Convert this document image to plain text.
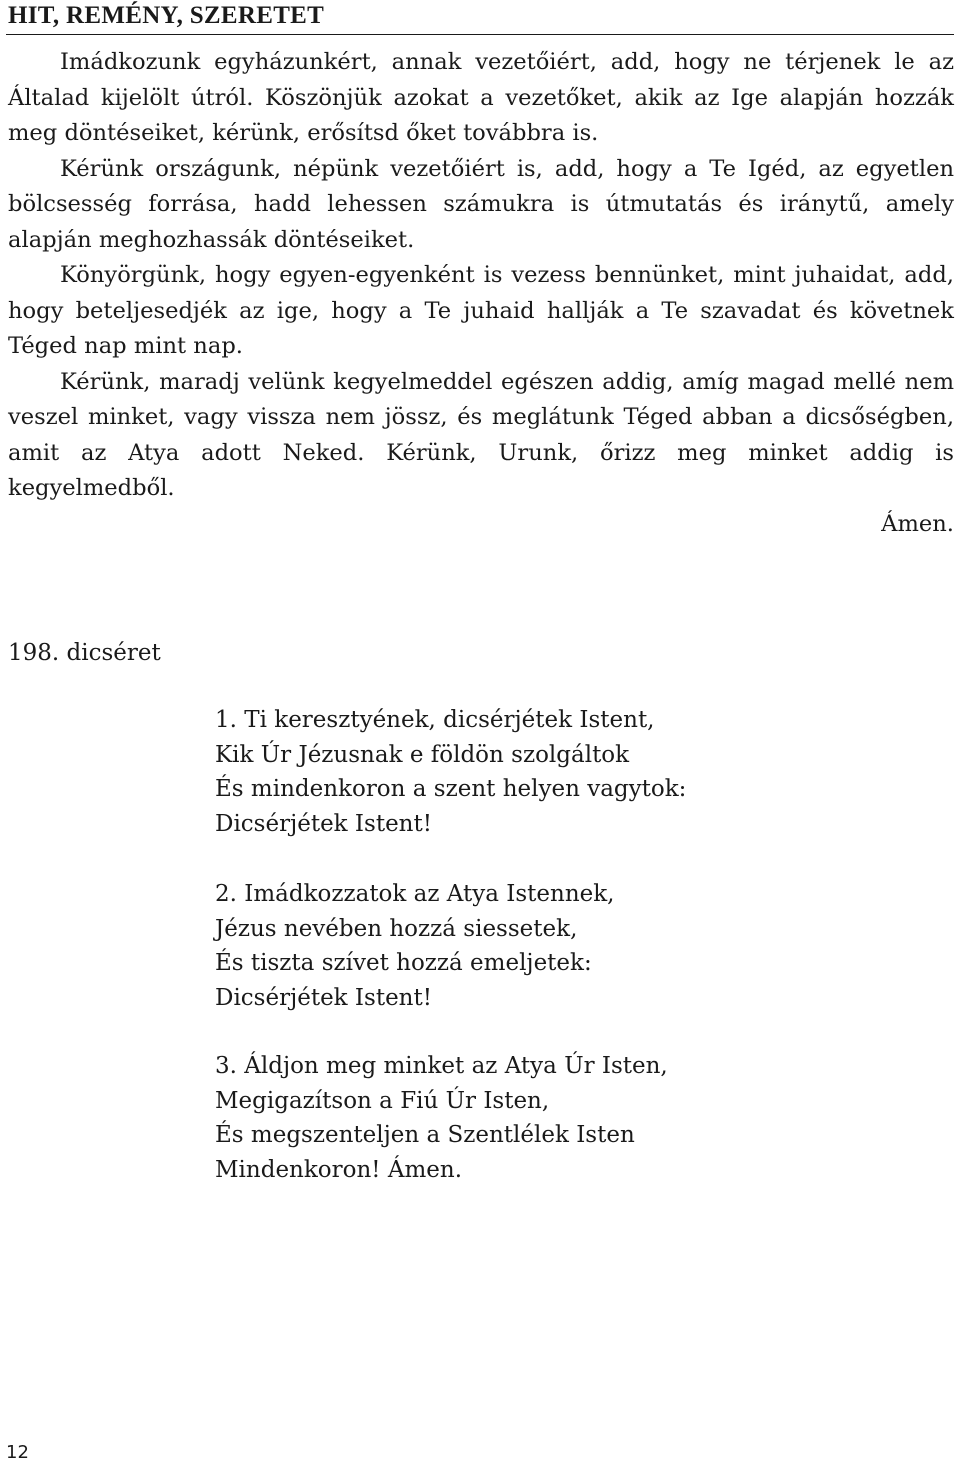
HIT, REMÉNY, SZERETET

Imádkozunk egyházunkért, annak vezetőiért, add, hogy ne térjenek le az Általad kijelölt útról. Köszönjük azokat a vezetőket, akik az Ige alapján hozzák meg döntéseiket, kérünk, erősítsd őket továbbra is.

Kérünk országunk, népünk vezetőiért is, add, hogy a Te Igéd, az egyetlen bölcsesség forrása, hadd lehessen számukra is útmutatás és iránytű, amely alapján meghozhassák döntéseiket.

Könyörgünk, hogy egyen-egyenként is vezess bennünket, mint juhaidat, add, hogy beteljesedjék az ige, hogy a Te juhaid hallják a Te szavadat és követnek Téged nap mint nap.

Kérünk, maradj velünk kegyelmeddel egészen addig, amíg magad mellé nem veszel minket, vagy vissza nem jössz, és meglátunk Téged abban a dicsőségben, amit az Atya adott Neked. Kérünk, Urunk, őrizz meg minket addig is kegyelmedből.

Ámen.

198. dicséret
1. Ti keresztyének, dicsérjétek Istent,
Kik Úr Jézusnak e földön szolgáltok
És mindenkoron a szent helyen vagytok:
Dicsérjétek Istent!
2. Imádkozzatok az Atya Istennek,
Jézus nevében hozzá siessetek,
És tiszta szívet hozzá emeljetek:
Dicsérjétek Istent!
3. Áldjon meg minket az Atya Úr Isten,
Megigazítson a Fiú Úr Isten,
És megszenteljen a Szentlélek Isten
Mindenkoron! Ámen.
12
